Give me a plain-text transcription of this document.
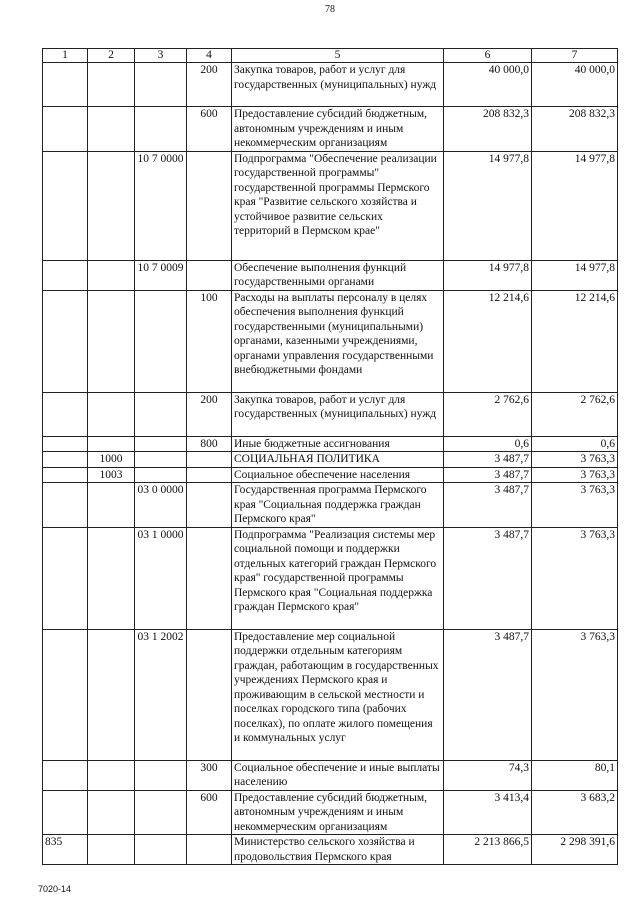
78
1	2	3	4	5	6	7
			200	Закупка товаров, работ и услуг для государственных (муниципальных) нужд	40 000,0	40 000,0
			600	Предоставление субсидий бюджетным, автономным учреждениям и иным некоммерческим организациям	208 832,3	208 832,3
		10 7 0000		Подпрограмма "Обеспечение реализации государственной программы" государственной программы Пермского края "Развитие сельского хозяйства и устойчивое развитие сельских территорий в Пермском крае"	14 977,8	14 977,8
		10 7 0009		Обеспечение выполнения функций государственными органами	14 977,8	14 977,8
			100	Расходы на выплаты персоналу в целях обеспечения выполнения функций государственными (муниципальными) органами, казенными учреждениями, органами управления государственными внебюджетными фондами	12 214,6	12 214,6
			200	Закупка товаров, работ и услуг для государственных (муниципальных) нужд	2 762,6	2 762,6
			800	Иные бюджетные ассигнования	0,6	0,6
	1000			СОЦИАЛЬНАЯ ПОЛИТИКА	3 487,7	3 763,3
	1003			Социальное обеспечение населения	3 487,7	3 763,3
		03 0 0000		Государственная программа Пермского края "Социальная поддержка граждан Пермского края"	3 487,7	3 763,3
		03 1 0000		Подпрограмма "Реализация системы мер социальной помощи и поддержки отдельных категорий граждан Пермского края" государственной программы Пермского края "Социальная поддержка граждан Пермского края"	3 487,7	3 763,3
		03 1 2002		Предоставление мер социальной поддержки отдельным категориям граждан, работающим в государственных учреждениях Пермского края и проживающим в сельской местности и поселках городского типа (рабочих поселках), по оплате жилого помещения и коммунальных услуг	3 487,7	3 763,3
			300	Социальное обеспечение и иные выплаты населению	74,3	80,1
			600	Предоставление субсидий бюджетным, автономным учреждениям и иным некоммерческим организациям	3 413,4	3 683,2
835				Министерство сельского хозяйства и продовольствия Пермского края	2 213 866,5	2 298 391,6
7020-14
